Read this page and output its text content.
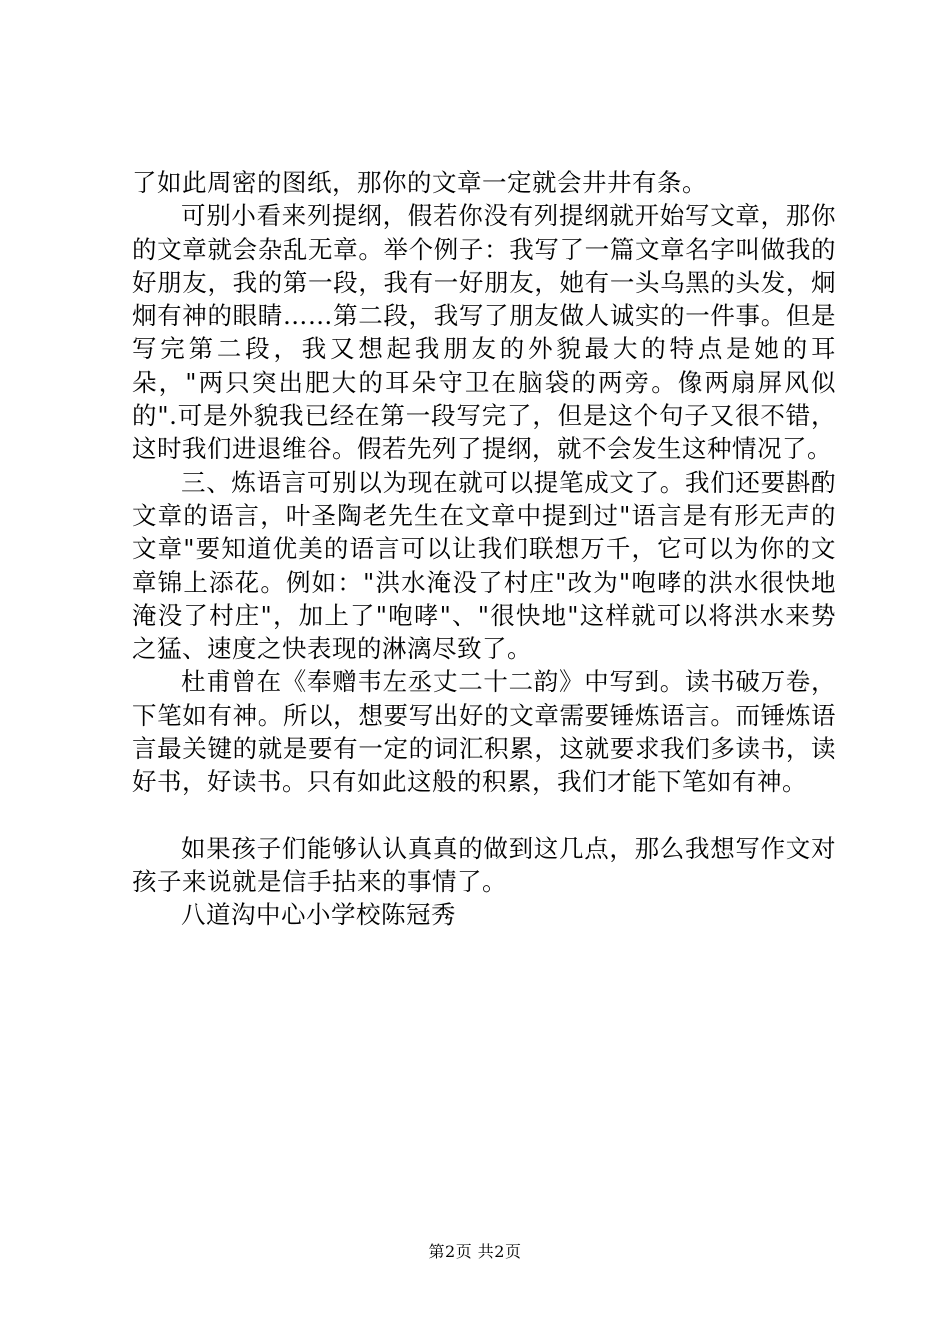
了如此周密的图纸，那你的文章一定就会井井有条。

可别小看来列提纲，假若你没有列提纲就开始写文章，那你的文章就会杂乱无章。举个例子：我写了一篇文章名字叫做我的好朋友，我的第一段，我有一好朋友，她有一头乌黑的头发，炯炯有神的眼睛……第二段，我写了朋友做人诚实的一件事。但是写完第二段，我又想起我朋友的外貌最大的特点是她的耳朵，"两只突出肥大的耳朵守卫在脑袋的两旁。像两扇屏风似的".可是外貌我已经在第一段写完了，但是这个句子又很不错，这时我们进退维谷。假若先列了提纲，就不会发生这种情况了。

三、炼语言可别以为现在就可以提笔成文了。我们还要斟酌文章的语言，叶圣陶老先生在文章中提到过"语言是有形无声的文章"要知道优美的语言可以让我们联想万千，它可以为你的文章锦上添花。例如："洪水淹没了村庄"改为"咆哮的洪水很快地淹没了村庄"，加上了"咆哮"、"很快地"这样就可以将洪水来势之猛、速度之快表现的淋漓尽致了。

杜甫曾在《奉赠韦左丞丈二十二韵》中写到。读书破万卷，下笔如有神。所以，想要写出好的文章需要锤炼语言。而锤炼语言最关键的就是要有一定的词汇积累，这就要求我们多读书，读好书，好读书。只有如此这般的积累，我们才能下笔如有神。

如果孩子们能够认认真真的做到这几点，那么我想写作文对孩子来说就是信手拈来的事情了。

八道沟中心小学校陈冠秀

第2页 共2页
